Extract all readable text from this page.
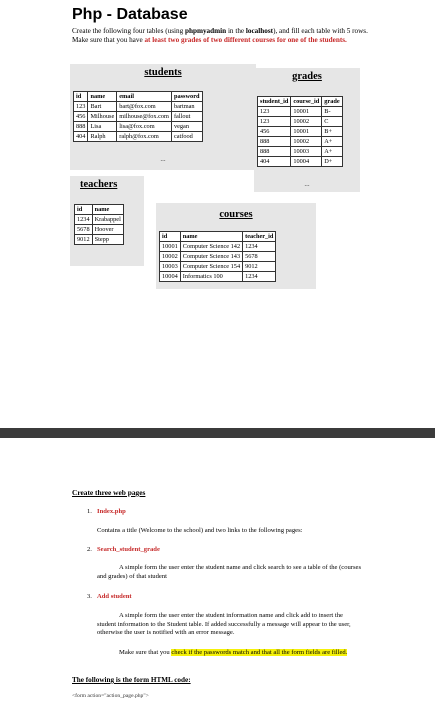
Php - Database
Create the following four tables (using phpmyadmin in the localhost), and fill each table with 5 rows. Make sure that you have at least two grades of two different courses for one of the students.
students
id	name	email	password
123	Bart	bart@fox.com	bartman
456	Milhouse	milhouse@fox.com	fallout
888	Lisa	lisa@fox.com	vegan
404	Ralph	ralph@fox.com	catfood
...
grades
student_id	course_id	grade
123	10001	B-
123	10002	C
456	10001	B+
888	10002	A+
888	10003	A+
404	10004	D+
...
teachers
id	name
1234	Krabappel
5678	Hoover
9012	Stepp
courses
id	name	teacher_id
10001	Computer Science 142	1234
10002	Computer Science 143	5678
10003	Computer Science 154	9012
10004	Informatics 100	1234
Create three web pages
1. Index.php
Contains a title (Welcome to the school) and two links to the following pages:
2. Search_student_grade
A simple form the user enter the student name and click search to see a table of the (courses and grades) of that student
3. Add student
A simple form the user enter the student information name and click add to insert the student information to the Student table. If added successfully a message will appear to the user, otherwise the user is notified with an error message.
Make sure that you check if the passwords match and that all the form fields are filled.
The following is the form HTML code:
<form action="action_page.php">
